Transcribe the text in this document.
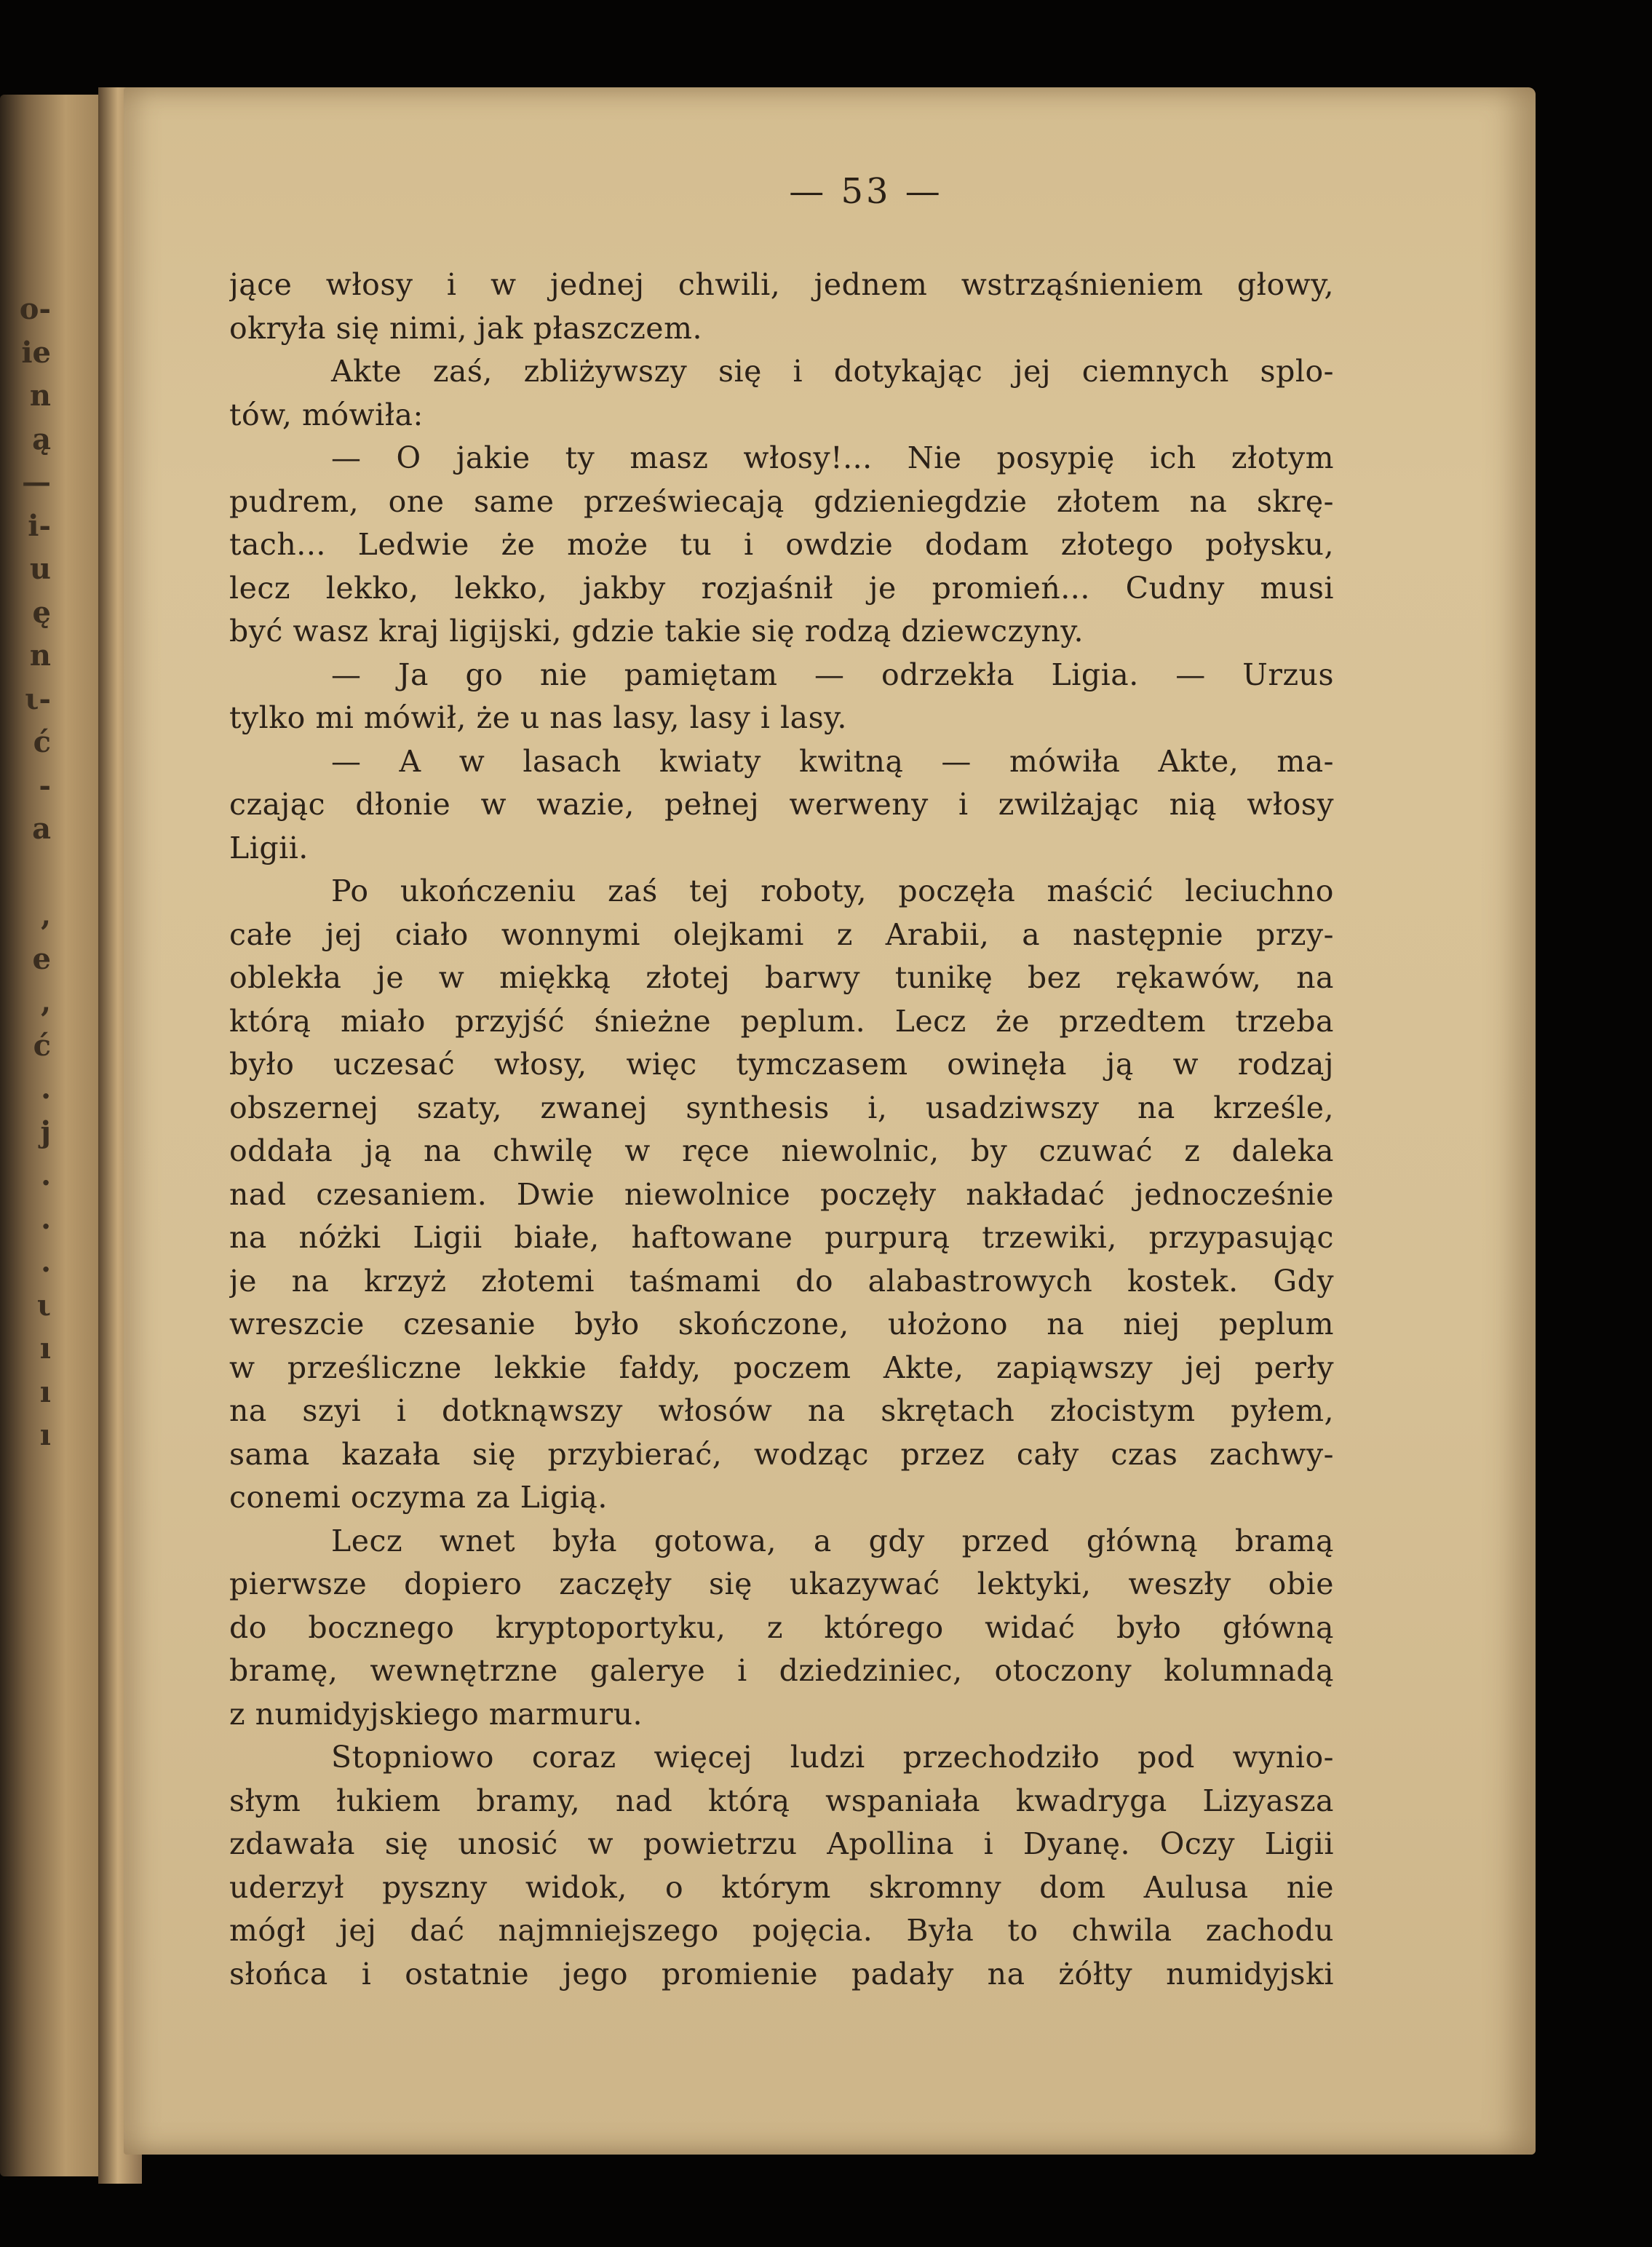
o-
ie
n
ą
—
i-
u
ę
n
ι-
ć
-
a
,
e
,
ć
.
j
.
.
.
ι
ı
ı
ı
— 53 —
jące włosy i w jednej chwili, jednem wstrząśnieniem głowy,
okryła się nimi, jak płaszczem.
Akte zaś, zbliżywszy się i dotykając jej ciemnych splo-
tów, mówiła:
— O jakie ty masz włosy!... Nie posypię ich złotym
pudrem, one same przeświecają gdzieniegdzie złotem na skrę-
tach... Ledwie że może tu i owdzie dodam złotego połysku,
lecz lekko, lekko, jakby rozjaśnił je promień... Cudny musi
być wasz kraj ligijski, gdzie takie się rodzą dziewczyny.
— Ja go nie pamiętam — odrzekła Ligia. — Urzus
tylko mi mówił, że u nas lasy, lasy i lasy.
— A w lasach kwiaty kwitną — mówiła Akte, ma-
czając dłonie w wazie, pełnej werweny i zwilżając nią włosy
Ligii.
Po ukończeniu zaś tej roboty, poczęła maścić leciuchno
całe jej ciało wonnymi olejkami z Arabii, a następnie przy-
oblekła je w miękką złotej barwy tunikę bez rękawów, na
którą miało przyjść śnieżne peplum. Lecz że przedtem trzeba
było uczesać włosy, więc tymczasem owinęła ją w rodzaj
obszernej szaty, zwanej synthesis i, usadziwszy na krześle,
oddała ją na chwilę w ręce niewolnic, by czuwać z daleka
nad czesaniem. Dwie niewolnice poczęły nakładać jednocześnie
na nóżki Ligii białe, haftowane purpurą trzewiki, przypasując
je na krzyż złotemi taśmami do alabastrowych kostek. Gdy
wreszcie czesanie było skończone, ułożono na niej peplum
w prześliczne lekkie fałdy, poczem Akte, zapiąwszy jej perły
na szyi i dotknąwszy włosów na skrętach złocistym pyłem,
sama kazała się przybierać, wodząc przez cały czas zachwy-
conemi oczyma za Ligią.
Lecz wnet była gotowa, a gdy przed główną bramą
pierwsze dopiero zaczęły się ukazywać lektyki, weszły obie
do bocznego kryptoportyku, z którego widać było główną
bramę, wewnętrzne galerye i dziedziniec, otoczony kolumnadą
z numidyjskiego marmuru.
Stopniowo coraz więcej ludzi przechodziło pod wynio-
słym łukiem bramy, nad którą wspaniała kwadryga Lizyasza
zdawała się unosić w powietrzu Apollina i Dyanę. Oczy Ligii
uderzył pyszny widok, o którym skromny dom Aulusa nie
mógł jej dać najmniejszego pojęcia. Była to chwila zachodu
słońca i ostatnie jego promienie padały na żółty numidyjski
